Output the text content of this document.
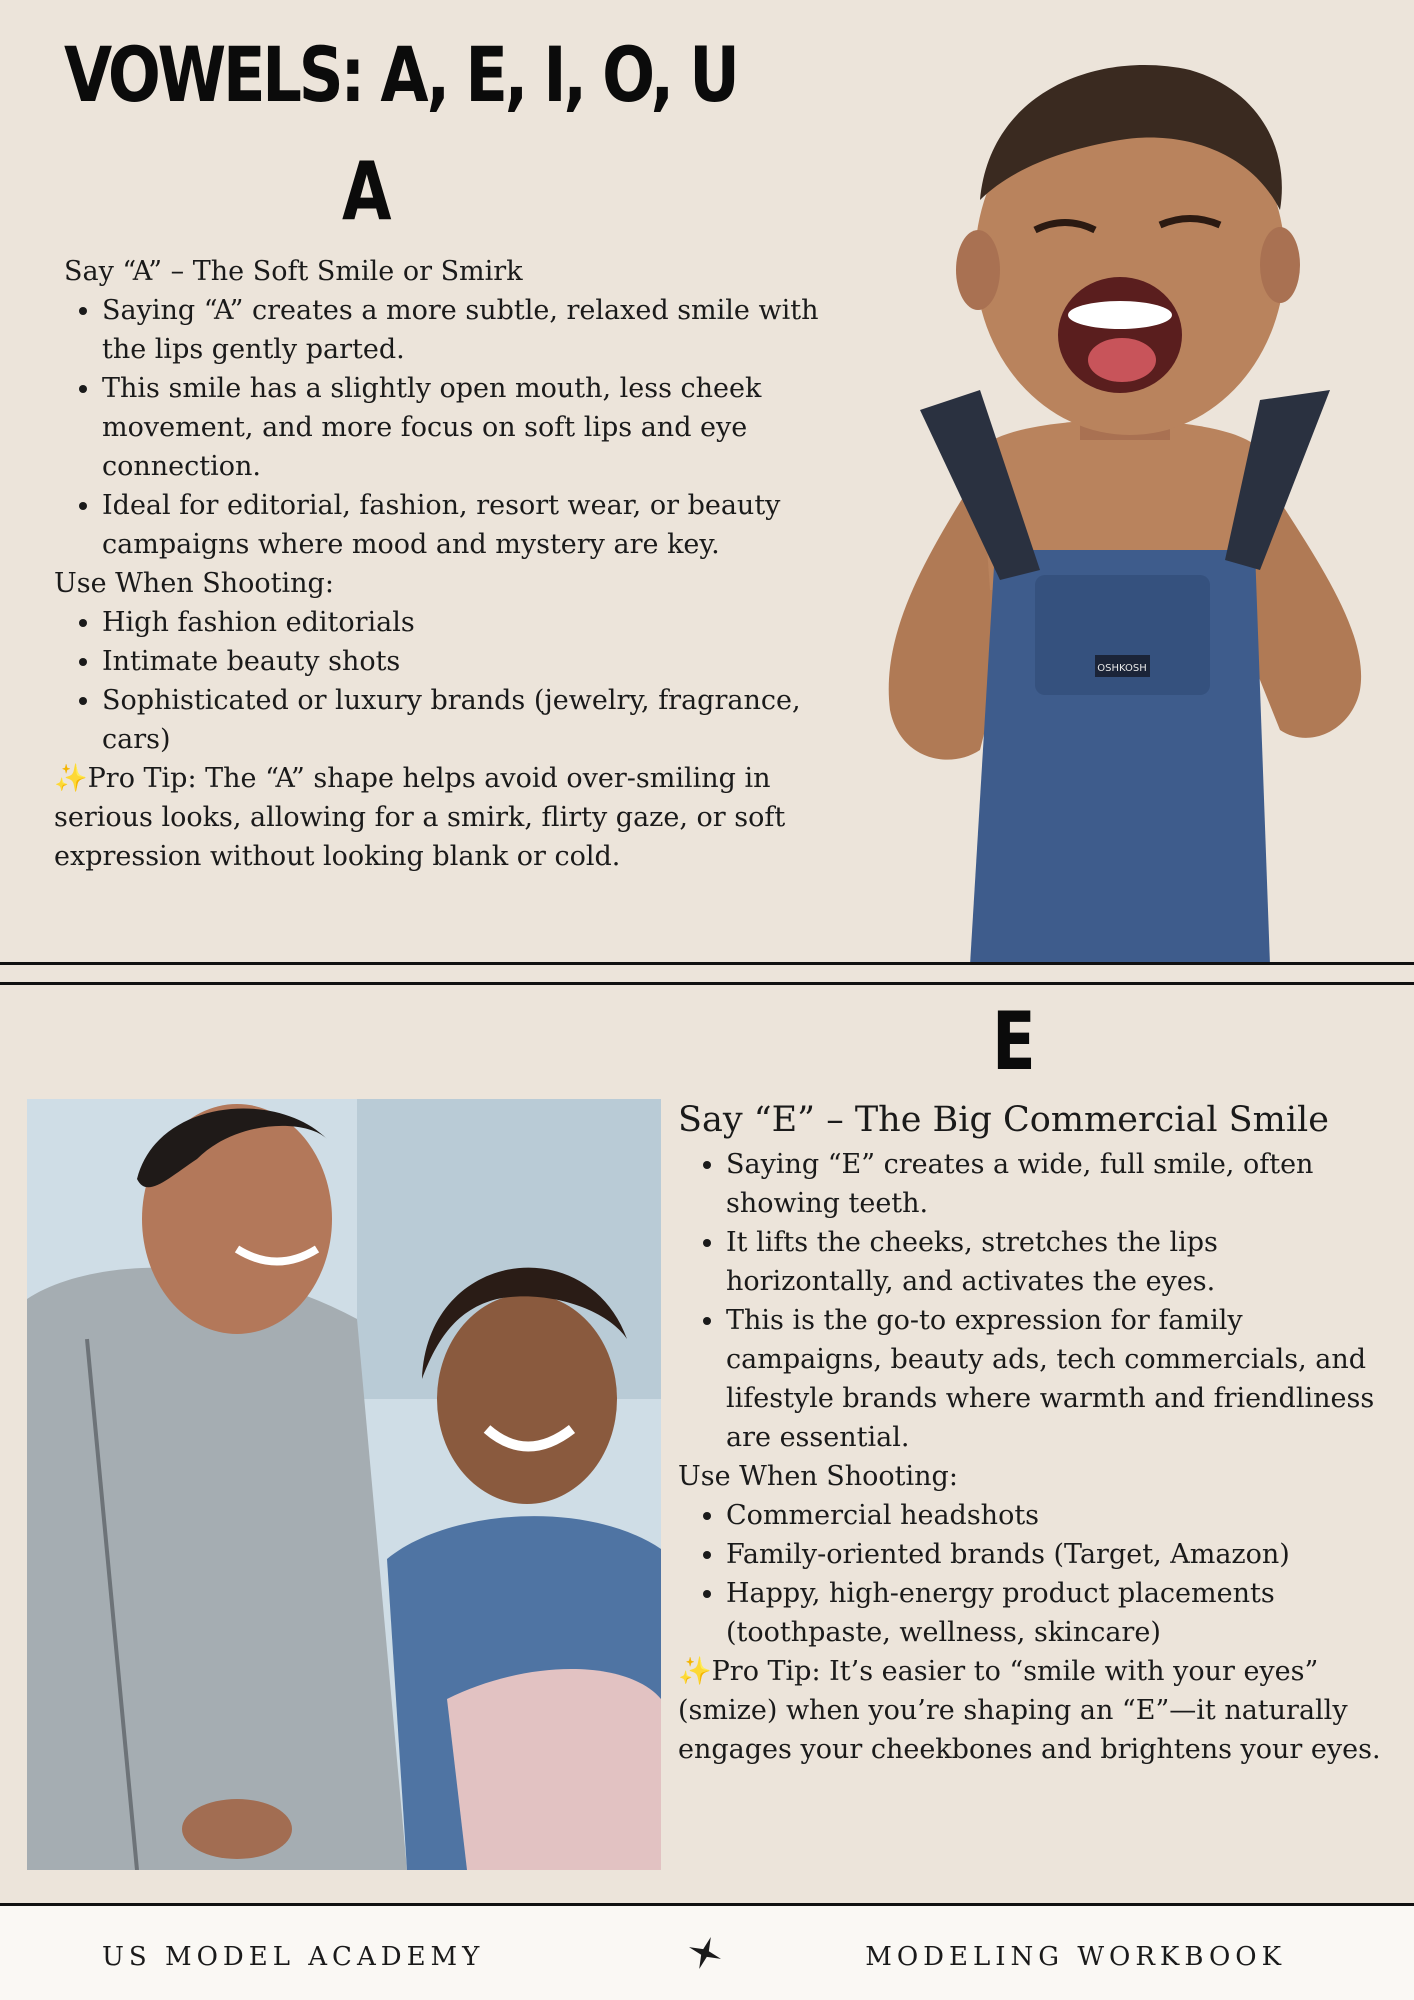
VOWELS: A, E, I, O, U
A

Say “A” – The Soft Smile or Smirk

• Saying “A” creates a more subtle, relaxed smile with the lips gently parted.
• This smile has a slightly open mouth, less cheek movement, and more focus on soft lips and eye connection.
• Ideal for editorial, fashion, resort wear, or beauty campaigns where mood and mystery are key.

Use When Shooting:

• High fashion editorials
• Intimate beauty shots
• Sophisticated or luxury brands (jewelry, fragrance, cars)

✨Pro Tip: The “A” shape helps avoid over-smiling in serious looks, allowing for a smirk, flirty gaze, or soft expression without looking blank or cold.

OSHKOSH
E

Say “E” – The Big Commercial Smile

• Saying “E” creates a wide, full smile, often showing teeth.
• It lifts the cheeks, stretches the lips horizontally, and activates the eyes.
• This is the go-to expression for family campaigns, beauty ads, tech commercials, and lifestyle brands where warmth and friendliness are essential.

Use When Shooting:

• Commercial headshots
• Family-oriented brands (Target, Amazon)
• Happy, high-energy product placements (toothpaste, wellness, skincare)

✨Pro Tip: It’s easier to “smile with your eyes” (smize) when you’re shaping an “E”—it naturally engages your cheekbones and brightens your eyes.

US MODEL ACADEMY	MODELING WORKBOOK
